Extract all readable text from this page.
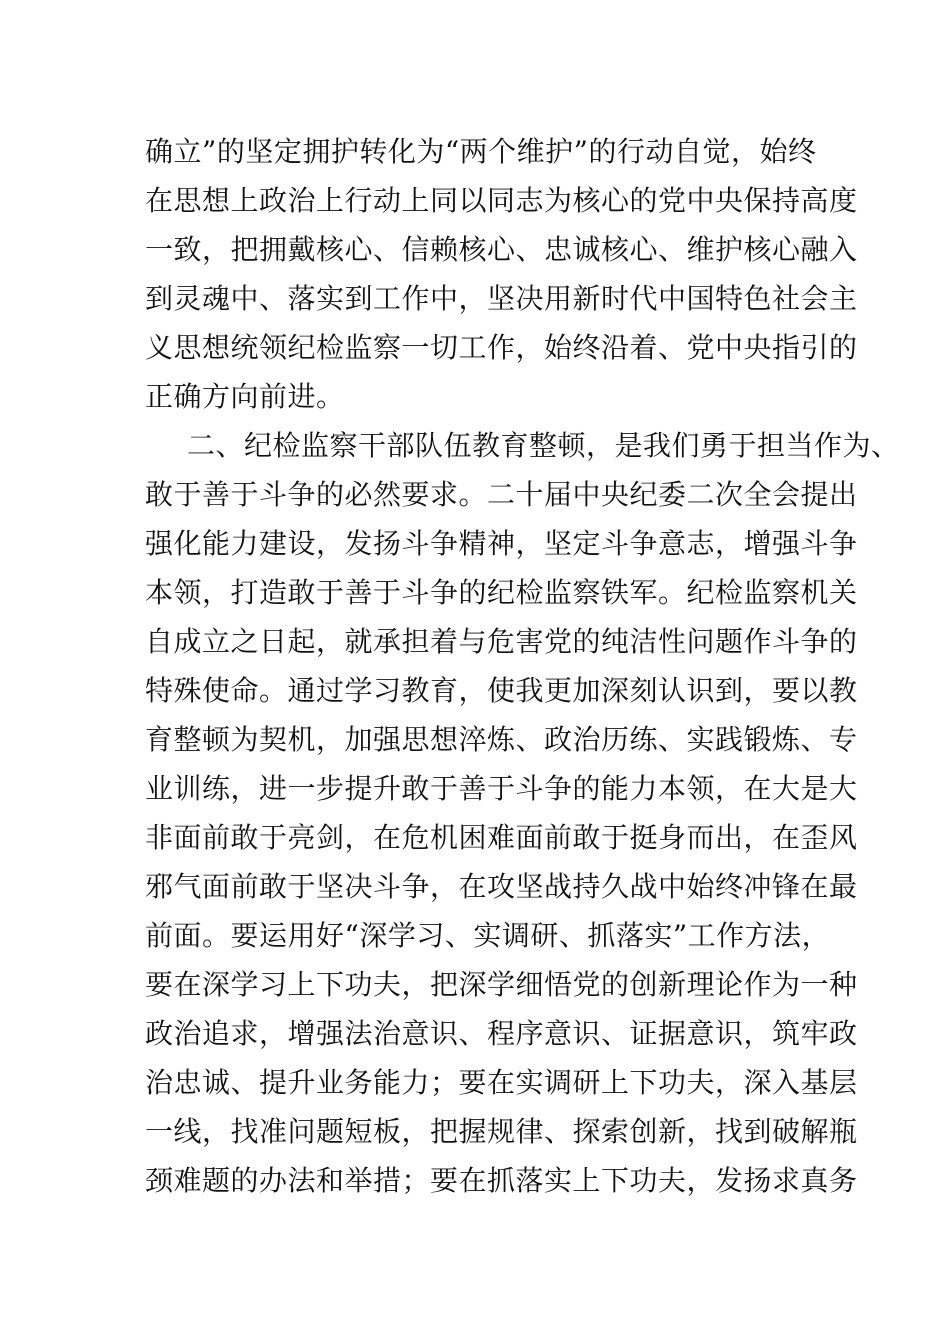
确立”的坚定拥护转化为“两个维护”的行动自觉，始终
在思想上政治上行动上同以同志为核心的党中央保持高度
一致，把拥戴核心、信赖核心、忠诚核心、维护核心融入
到灵魂中、落实到工作中，坚决用新时代中国特色社会主
义思想统领纪检监察一切工作，始终沿着、党中央指引的
正确方向前进。
二、纪检监察干部队伍教育整顿，是我们勇于担当作为、
敢于善于斗争的必然要求。二十届中央纪委二次全会提出
强化能力建设，发扬斗争精神，坚定斗争意志，增强斗争
本领，打造敢于善于斗争的纪检监察铁军。纪检监察机关
自成立之日起，就承担着与危害党的纯洁性问题作斗争的
特殊使命。通过学习教育，使我更加深刻认识到，要以教
育整顿为契机，加强思想淬炼、政治历练、实践锻炼、专
业训练，进一步提升敢于善于斗争的能力本领，在大是大
非面前敢于亮剑，在危机困难面前敢于挺身而出，在歪风
邪气面前敢于坚决斗争，在攻坚战持久战中始终冲锋在最
前面。要运用好“深学习、实调研、抓落实”工作方法，
要在深学习上下功夫，把深学细悟党的创新理论作为一种
政治追求，增强法治意识、程序意识、证据意识，筑牢政
治忠诚、提升业务能力；要在实调研上下功夫，深入基层
一线，找准问题短板，把握规律、探索创新，找到破解瓶
颈难题的办法和举措；要在抓落实上下功夫，发扬求真务
